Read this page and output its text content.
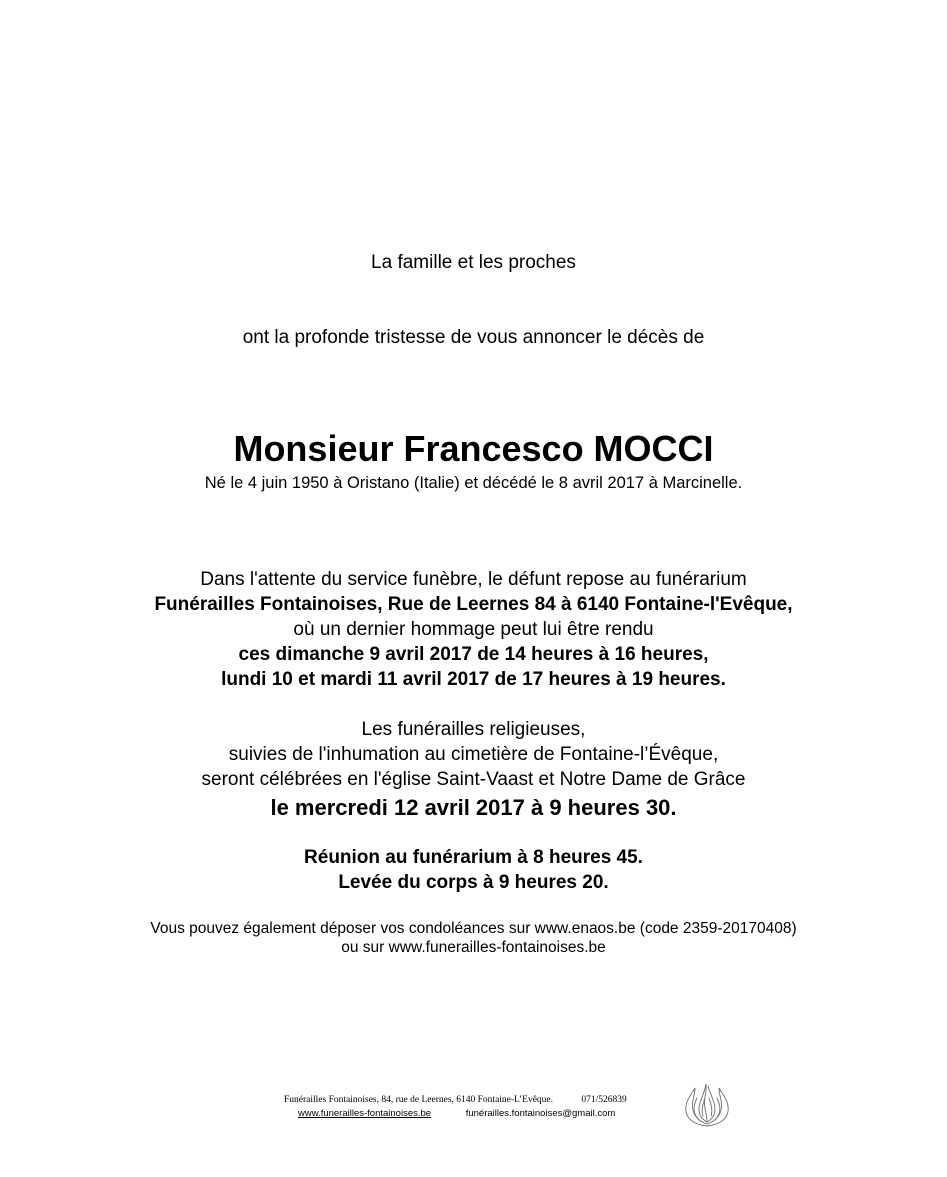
La famille et les proches
ont la profonde tristesse de vous annoncer le décès de
Monsieur Francesco MOCCI
Né le 4 juin 1950 à Oristano (Italie) et décédé le 8 avril 2017 à Marcinelle.
Dans l'attente du service funèbre, le défunt repose au funérarium
Funérailles Fontainoises, Rue de Leernes 84 à 6140 Fontaine-l'Evêque,
où un dernier hommage peut lui être rendu
ces dimanche 9 avril 2017 de 14 heures à 16 heures,
lundi 10 et mardi 11 avril 2017 de 17 heures à 19 heures.
Les funérailles religieuses,
suivies de l'inhumation au cimetière de Fontaine-l’Évêque,
seront célébrées en l'église Saint-Vaast et Notre Dame de Grâce
le mercredi 12 avril 2017 à 9 heures 30.
Réunion au funérarium à 8 heures 45.
Levée du corps à 9 heures 20.
Vous pouvez également déposer vos condoléances sur www.enaos.be (code 2359-20170408)
ou sur www.funerailles-fontainoises.be
Funérailles Fontainoises, 84, rue de Leernes, 6140 Fontaine-L’Evêque.	071/526839
www.funerailles-fontainoises.be	funérailles.fontainoises@gmail.com
